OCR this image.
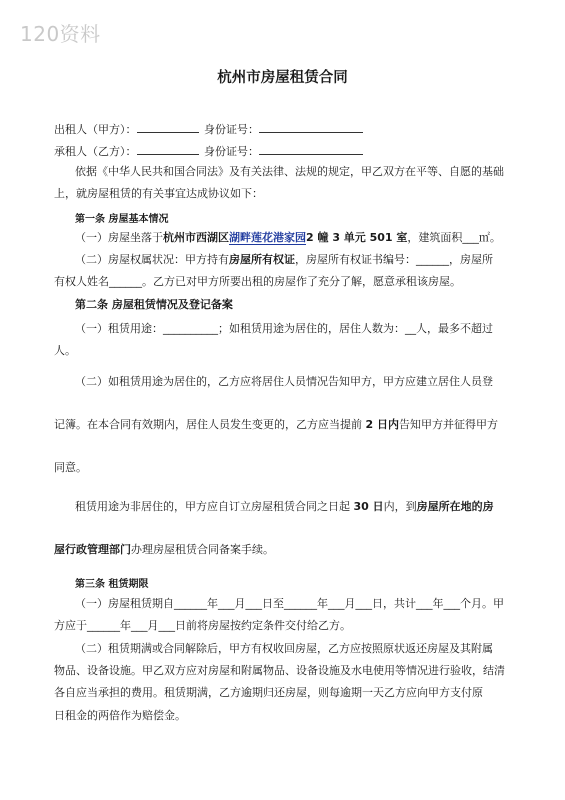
120资料
杭州市房屋租赁合同
出租人（甲方）：	身份证号：
承租人（乙方）：	身份证号：
依据《中华人民共和国合同法》及有关法律、法规的规定，甲乙双方在平等、自愿的基础
上，就房屋租赁的有关事宜达成协议如下：
第一条 房屋基本情况
（一）房屋坐落于杭州市西湖区湖畔莲花港家园2 幢 3 单元 501 室，建筑面积___㎡。
（二）房屋权属状况：甲方持有房屋所有权证，房屋所有权证书编号：______，房屋所
有权人姓名______。乙方已对甲方所要出租的房屋作了充分了解，愿意承租该房屋。
第二条 房屋租赁情况及登记备案
（一）租赁用途：__________；如租赁用途为居住的，居住人数为：__人，最多不超过
人。
（二）如租赁用途为居住的，乙方应将居住人员情况告知甲方，甲方应建立居住人员登
记簿。在本合同有效期内，居住人员发生变更的，乙方应当提前 2 日内告知甲方并征得甲方
同意。
租赁用途为非居住的，甲方应自订立房屋租赁合同之日起 30 日内，到房屋所在地的房
屋行政管理部门办理房屋租赁合同备案手续。
第三条 租赁期限
（一）房屋租赁期自______年___月___日至______年___月___日，共计___年___个月。甲
方应于______年___月___日前将房屋按约定条件交付给乙方。
（二）租赁期满或合同解除后，甲方有权收回房屋，乙方应按照原状返还房屋及其附属
物品、设备设施。甲乙双方应对房屋和附属物品、设备设施及水电使用等情况进行验收，结清
各自应当承担的费用。租赁期满，乙方逾期归还房屋，则每逾期一天乙方应向甲方支付原
日租金的两倍作为赔偿金。
